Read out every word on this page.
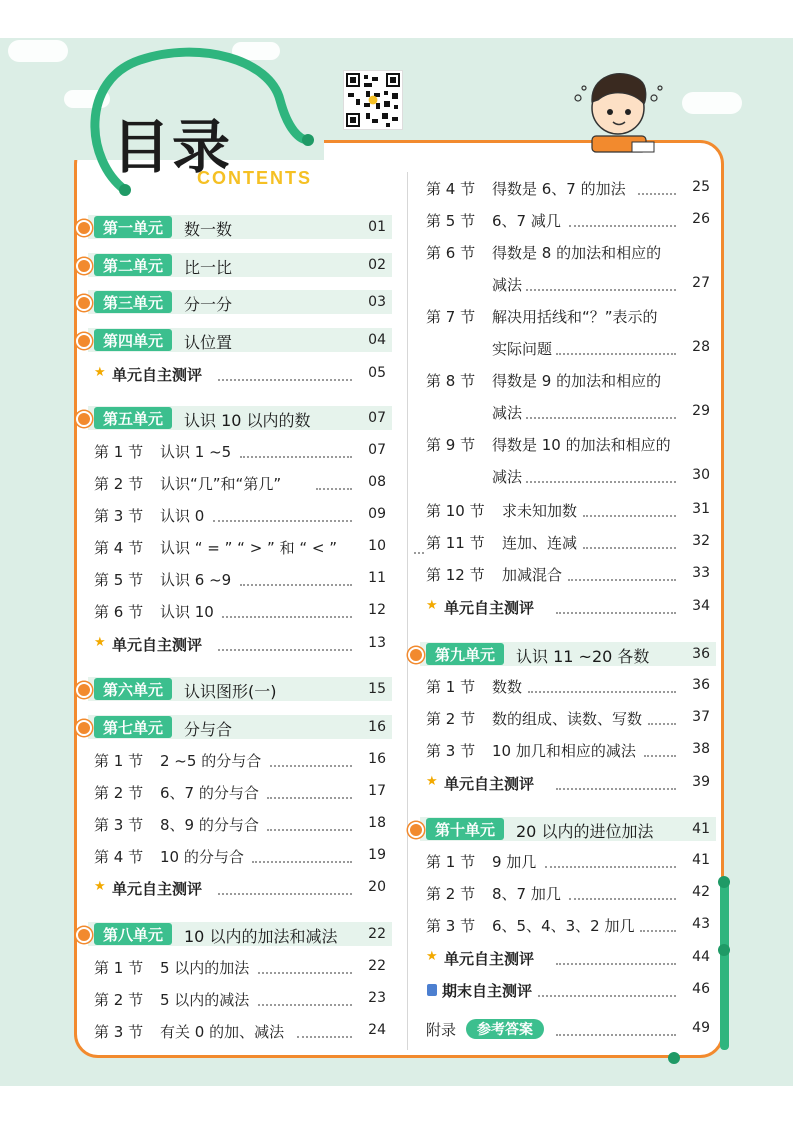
目录
CONTENTS
第一单元	数一数	01
第二单元	比一比	02
第三单元	分一分	03
第四单元	认位置	04
★ 单元自主测评	05
第五单元	认识 10 以内的数	07
第 1 节 认识 1 ~5	07
第 2 节 认识“几”和“第几”	08
第 3 节 认识 0	09
第 4 节 认识 “ = ” “ > ” 和 “ < ”	10
第 5 节 认识 6 ~9	11
第 6 节 认识 10	12
★ 单元自主测评	13
第六单元	认识图形(一)	15
第七单元	分与合	16
第 1 节 2 ~5 的分与合	16
第 2 节 6、7 的分与合	17
第 3 节 8、9 的分与合	18
第 4 节 10 的分与合	19
★ 单元自主测评	20
第八单元	10 以内的加法和减法	22
第 1 节 5 以内的加法	22
第 2 节 5 以内的减法	23
第 3 节 有关 0 的加、减法	24
第 4 节 得数是 6、7 的加法	25
第 5 节 6、7 减几	26
第 6 节 得数是 8 的加法和相应的
减法	27
第 7 节 解决用括线和“？”表示的
实际问题	28
第 8 节 得数是 9 的加法和相应的
减法	29
第 9 节 得数是 10 的加法和相应的
减法	30
第 10 节 求未知加数	31
第 11 节 连加、连减	32
第 12 节 加减混合	33
★ 单元自主测评	34
第九单元	认识 11 ~20 各数	36
第 1 节 数数	36
第 2 节 数的组成、读数、写数	37
第 3 节 10 加几和相应的减法	38
★ 单元自主测评	39
第十单元	20 以内的进位加法	41
第 1 节 9 加几	41
第 2 节 8、7 加几	42
第 3 节 6、5、4、3、2 加几	43
★ 单元自主测评	44
期末自主测评	46
附录	参考答案	49
